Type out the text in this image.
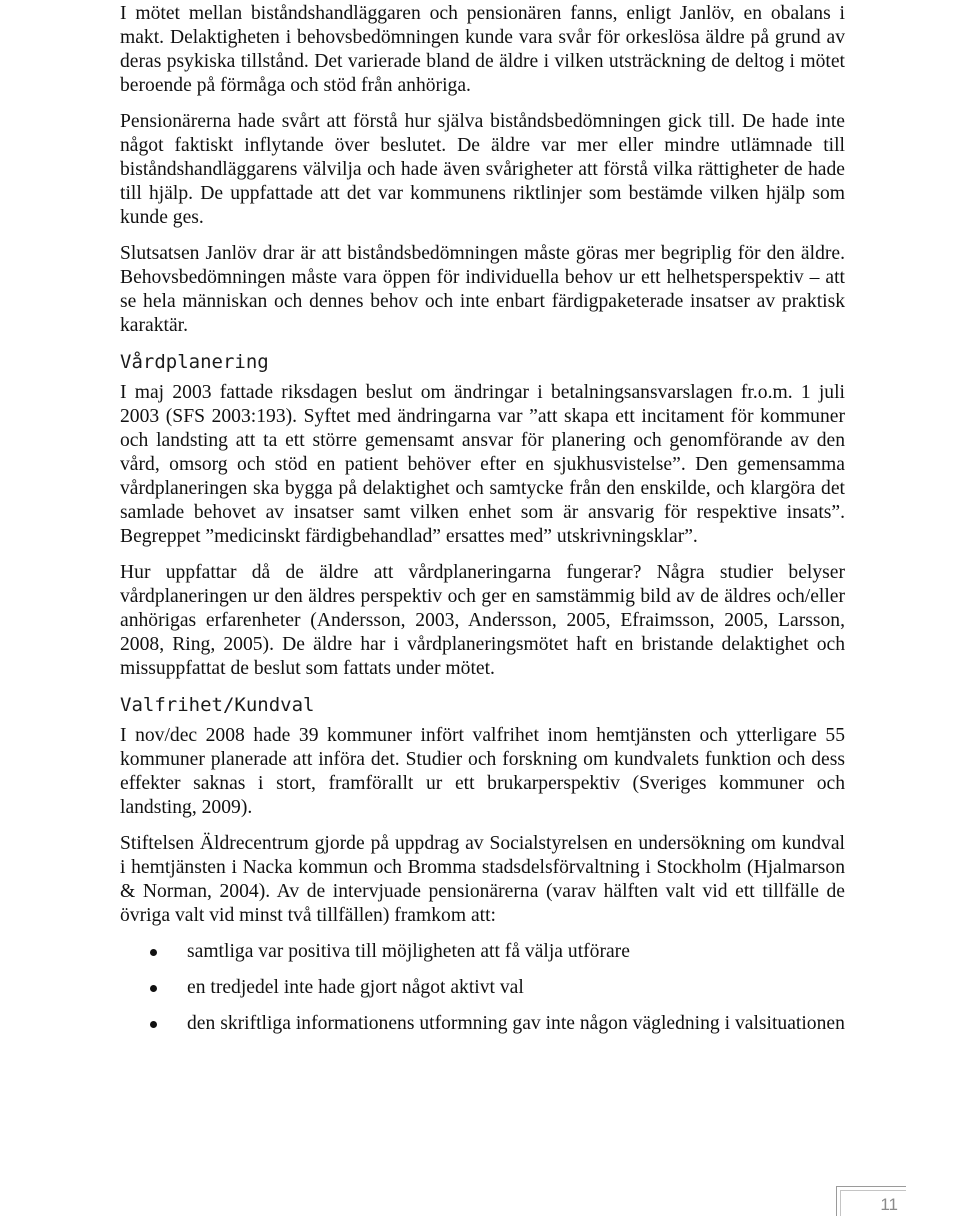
I mötet mellan biståndshandläggaren och pensionären fanns, enligt Janlöv, en obalans i makt. Delaktigheten i behovsbedömningen kunde vara svår för orkeslösa äldre på grund av deras psykiska tillstånd. Det varierade bland de äldre i vilken utsträckning de deltog i mötet beroende på förmåga och stöd från anhöriga.

Pensionärerna hade svårt att förstå hur själva biståndsbedömningen gick till. De hade inte något faktiskt inflytande över beslutet. De äldre var mer eller mindre utlämnade till biståndshandläggarens välvilja och hade även svårigheter att förstå vilka rättigheter de hade till hjälp. De uppfattade att det var kommunens riktlinjer som bestämde vilken hjälp som kunde ges.

Slutsatsen Janlöv drar är att biståndsbedömningen måste göras mer begriplig för den äldre. Behovsbedömningen måste vara öppen för individuella behov ur ett helhetsperspektiv – att se hela människan och dennes behov och inte enbart färdigpaketerade insatser av praktisk karaktär.

Vårdplanering

I maj 2003 fattade riksdagen beslut om ändringar i betalningsansvarslagen fr.o.m. 1 juli 2003 (SFS 2003:193). Syftet med ändringarna var ”att skapa ett incitament för kommuner och landsting att ta ett större gemensamt ansvar för planering och genomförande av den vård, omsorg och stöd en patient behöver efter en sjukhusvistelse”. Den gemensamma vårdplaneringen ska bygga på delaktighet och samtycke från den enskilde, och klargöra det samlade behovet av insatser samt vilken enhet som är ansvarig för respektive insats”. Begreppet ”medicinskt färdigbehandlad” ersattes med” utskrivningsklar”.

Hur uppfattar då de äldre att vårdplaneringarna fungerar? Några studier belyser vårdplaneringen ur den äldres perspektiv och ger en samstämmig bild av de äldres och/eller anhörigas erfarenheter (Andersson, 2003, Andersson, 2005, Efraimsson, 2005, Larsson, 2008, Ring, 2005). De äldre har i vårdplaneringsmötet haft en bristande delaktighet och missuppfattat de beslut som fattats under mötet.

Valfrihet/Kundval

I nov/dec 2008 hade 39 kommuner infört valfrihet inom hemtjänsten och ytterligare 55 kommuner planerade att införa det. Studier och forskning om kundvalets funktion och dess effekter saknas i stort, framförallt ur ett brukarperspektiv (Sveriges kommuner och landsting, 2009).

Stiftelsen Äldrecentrum gjorde på uppdrag av Socialstyrelsen en undersökning om kundval i hemtjänsten i Nacka kommun och Bromma stadsdelsförvaltning i Stockholm (Hjalmarson & Norman, 2004). Av de intervjuade pensionärerna (varav hälften valt vid ett tillfälle de övriga valt vid minst två tillfällen) framkom att:

samtliga var positiva till möjligheten att få välja utförare
en tredjedel inte hade gjort något aktivt val
den skriftliga informationens utformning gav inte någon vägledning i valsituationen
11
